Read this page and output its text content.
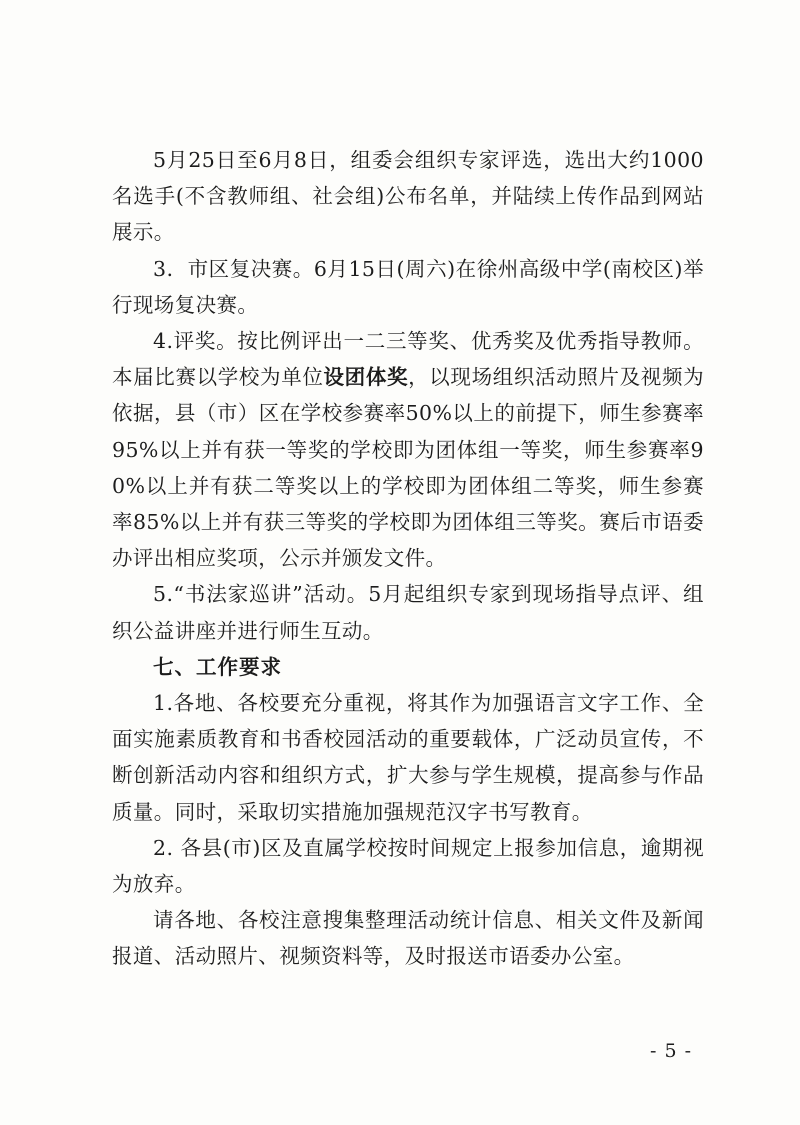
5月25日至6月8日，组委会组织专家评选，选出大约1000名选手(不含教师组、社会组)公布名单，并陆续上传作品到网站展示。

3．市区复决赛。6月15日(周六)在徐州高级中学(南校区)举行现场复决赛。

4.评奖。按比例评出一二三等奖、优秀奖及优秀指导教师。本届比赛以学校为单位设团体奖，以现场组织活动照片及视频为依据，县（市）区在学校参赛率50%以上的前提下，师生参赛率95%以上并有获一等奖的学校即为团体组一等奖，师生参赛率90%以上并有获二等奖以上的学校即为团体组二等奖，师生参赛率85%以上并有获三等奖的学校即为团体组三等奖。赛后市语委办评出相应奖项，公示并颁发文件。

5.“书法家巡讲”活动。5月起组织专家到现场指导点评、组织公益讲座并进行师生互动。

七、工作要求

1.各地、各校要充分重视，将其作为加强语言文字工作、全面实施素质教育和书香校园活动的重要载体，广泛动员宣传，不断创新活动内容和组织方式，扩大参与学生规模，提高参与作品质量。同时，采取切实措施加强规范汉字书写教育。

2. 各县(市)区及直属学校按时间规定上报参加信息，逾期视为放弃。

请各地、各校注意搜集整理活动统计信息、相关文件及新闻报道、活动照片、视频资料等，及时报送市语委办公室。

- 5 -
